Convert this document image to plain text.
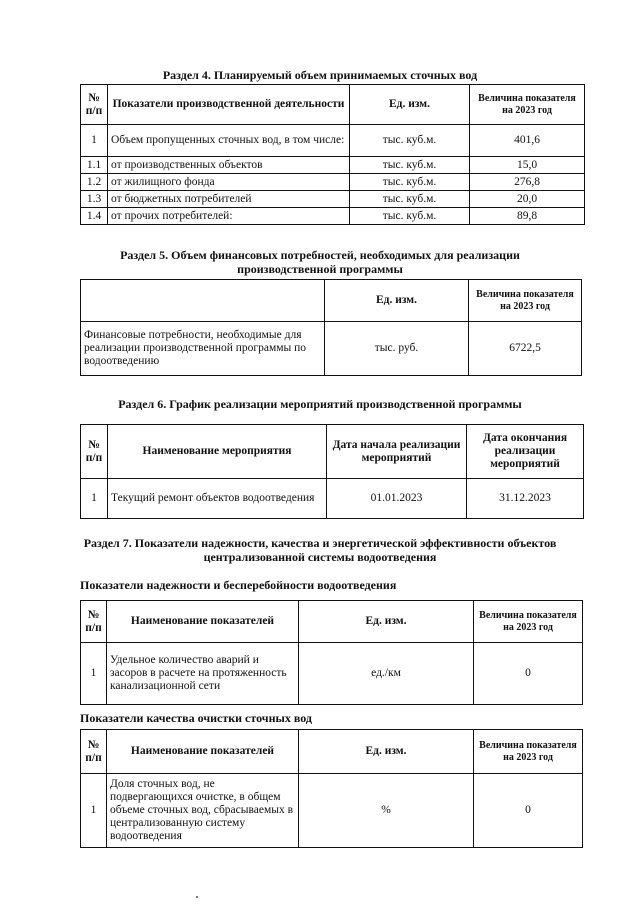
Раздел 4. Планируемый объем принимаемых сточных вод
№ п/п	Показатели производственной деятельности	Ед. изм.	Величина показателя на 2023 год
1	Объем пропущенных сточных вод, в том числе:	тыс. куб.м.	401,6
1.1	от производственных объектов	тыс. куб.м.	15,0
1.2	от жилищного фонда	тыс. куб.м.	276,8
1.3	от бюджетных потребителей	тыс. куб.м.	20,0
1.4	от прочих потребителей:	тыс. куб.м.	89,8
Раздел 5. Объем финансовых потребностей, необходимых для реализации
производственной программы
	Ед. изм.	Величина показателя на 2023 год
Финансовые потребности, необходимые для реализации производственной программы по водоотведению	тыс. руб.	6722,5
Раздел 6. График реализации мероприятий производственной программы
№ п/п	Наименование мероприятия	Дата начала реализации мероприятий	Дата окончания реализации мероприятий
1	Текущий ремонт объектов водоотведения	01.01.2023	31.12.2023
Раздел 7. Показатели надежности, качества и энергетической эффективности объектов
централизованной системы водоотведения
Показатели надежности и бесперебойности водоотведения
№ п/п	Наименование показателей	Ед. изм.	Величина показателя на 2023 год
1	Удельное количество аварий и засоров в расчете на протяженность канализационной сети	ед./км	0
Показатели качества очистки сточных вод
№ п/п	Наименование показателей	Ед. изм.	Величина показателя на 2023 год
1	Доля сточных вод, не подвергающихся очистке, в общем объеме сточных вод, сбрасываемых в централизованную систему водоотведения	%	0
